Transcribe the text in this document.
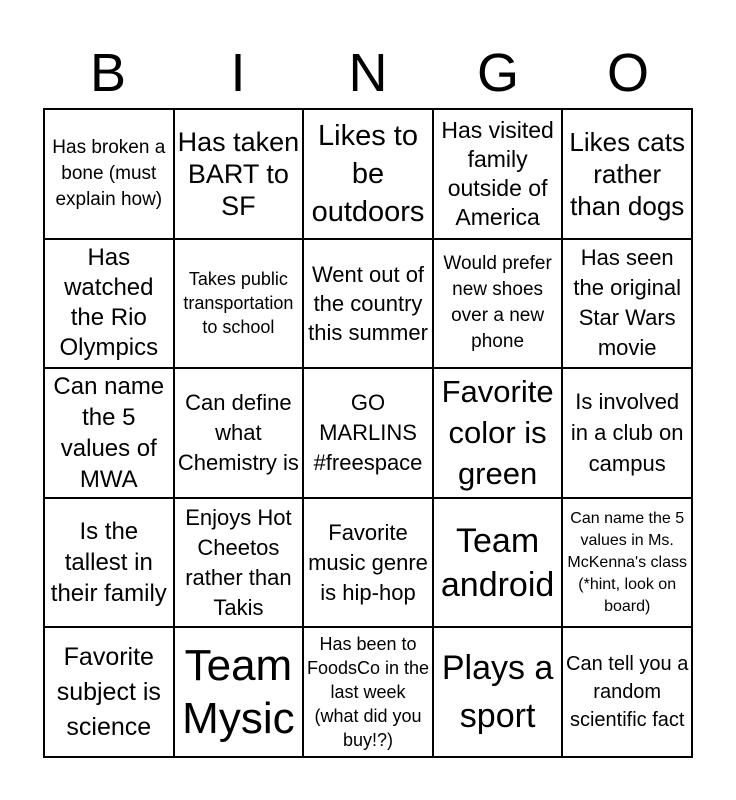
B	I	N	G	O
Has broken a bone (must explain how)
Has taken BART to SF
Likes to be outdoors
Has visited family outside of America
Likes cats rather than dogs
Has watched the Rio Olympics
Takes public transportation to school
Went out of the country this summer
Would prefer new shoes over a new phone
Has seen the original Star Wars movie
Can name the 5 values of MWA
Can define what Chemistry is
GO MARLINS #freespace
Favorite color is green
Is involved in a club on campus
Is the tallest in their family
Enjoys Hot Cheetos rather than Takis
Favorite music genre is hip-hop
Team android
Can name the 5 values in Ms. McKenna's class (*hint, look on board)
Favorite subject is science
Team Mysic
Has been to FoodsCo in the last week (what did you buy!?)
Plays a sport
Can tell you a random scientific fact
